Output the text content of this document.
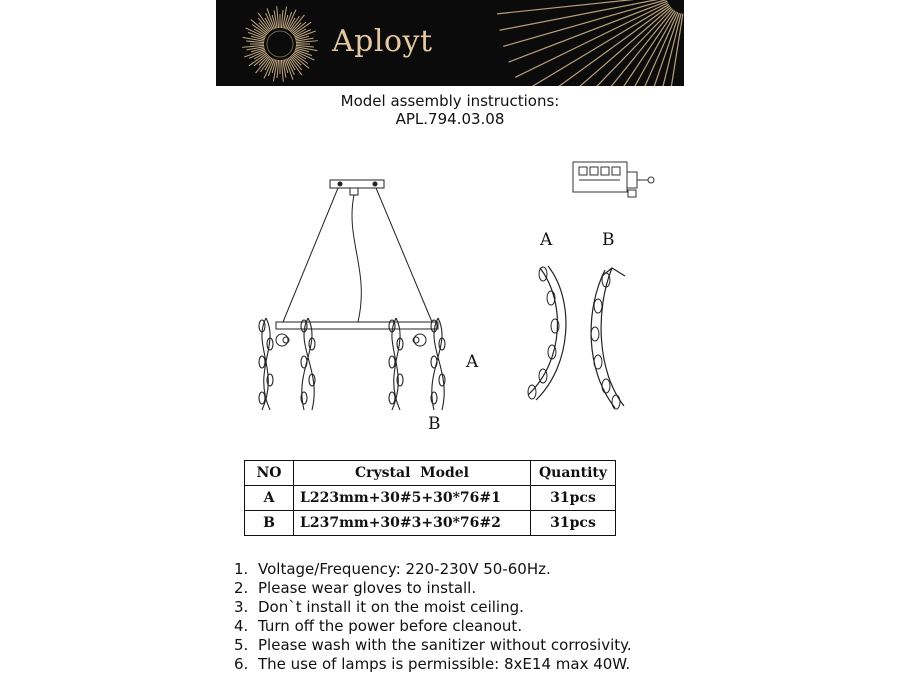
Aployt
Model assembly instructions:
APL.794.03.08
A
B
A	B
NO	Crystal  Model	Quantity
A	L223mm+30#5+30*76#1	31pcs
B	L237mm+30#3+30*76#2	31pcs
1. Voltage/Frequency: 220-230V 50-60Hz.
2. Please wear gloves to install.
3. Don`t install it on the moist ceiling.
4. Turn off the power before cleanout.
5. Please wash with the sanitizer without corrosivity.
6. The use of lamps is permissible: 8xE14 max 40W.
